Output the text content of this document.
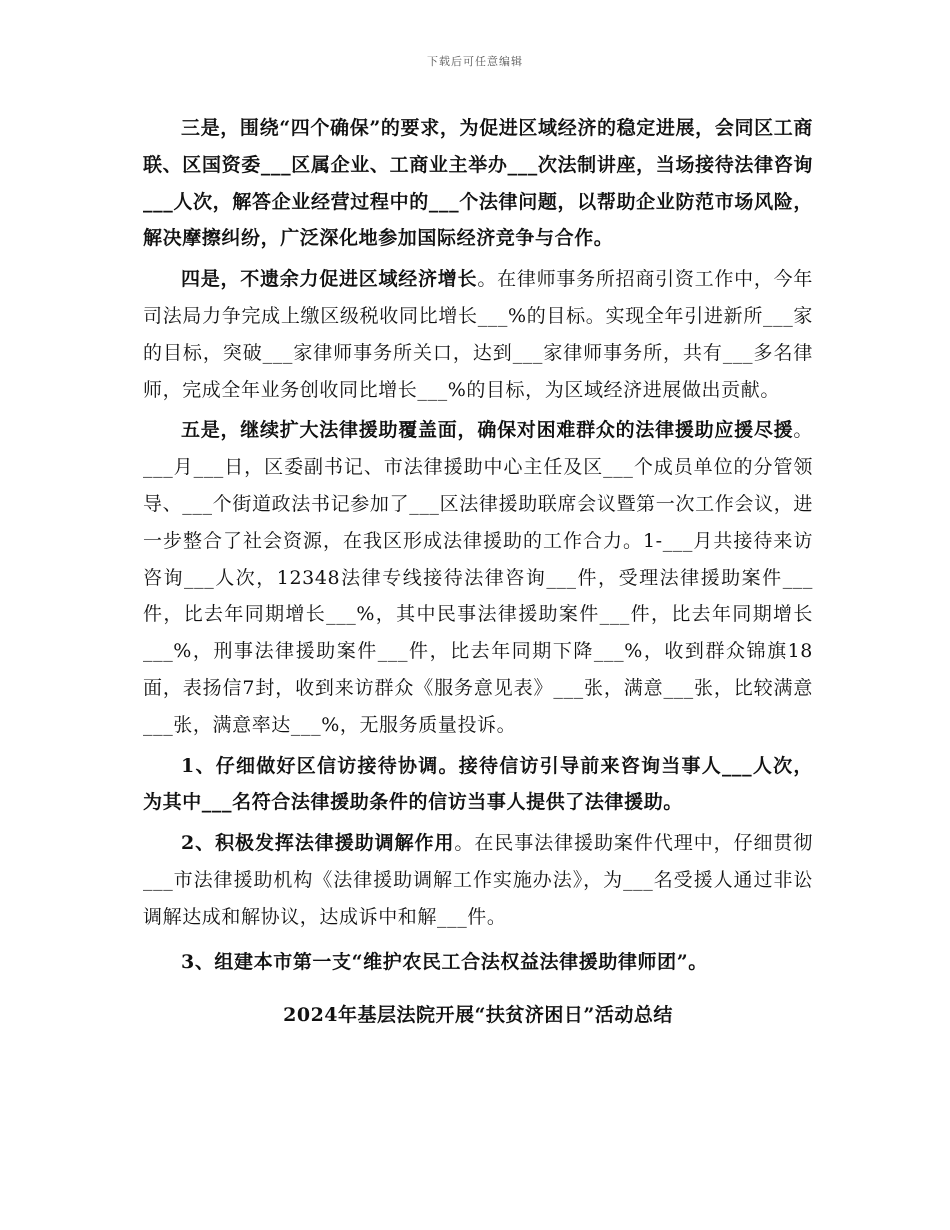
下载后可任意编辑

三是，围绕“四个确保”的要求，为促进区域经济的稳定进展，会同区工商联、区国资委___区属企业、工商业主举办___次法制讲座，当场接待法律咨询___人次，解答企业经营过程中的___个法律问题，以帮助企业防范市场风险，解决摩擦纠纷，广泛深化地参加国际经济竞争与合作。

四是，不遗余力促进区域经济增长。在律师事务所招商引资工作中，今年司法局力争完成上缴区级税收同比增长___%的目标。实现全年引进新所___家的目标，突破___家律师事务所关口，达到___家律师事务所，共有___多名律师，完成全年业务创收同比增长___%的目标，为区域经济进展做出贡献。

五是，继续扩大法律援助覆盖面，确保对困难群众的法律援助应援尽援。___月___日，区委副书记、市法律援助中心主任及区___个成员单位的分管领导、___个街道政法书记参加了___区法律援助联席会议暨第一次工作会议，进一步整合了社会资源，在我区形成法律援助的工作合力。1-___月共接待来访咨询___人次，12348法律专线接待法律咨询___件，受理法律援助案件___件，比去年同期增长___%，其中民事法律援助案件___件，比去年同期增长___%，刑事法律援助案件___件，比去年同期下降___%，收到群众锦旗18面，表扬信7封，收到来访群众《服务意见表》___张，满意___张，比较满意___张，满意率达___%，无服务质量投诉。

1、仔细做好区信访接待协调。接待信访引导前来咨询当事人___人次，为其中___名符合法律援助条件的信访当事人提供了法律援助。

2、积极发挥法律援助调解作用。在民事法律援助案件代理中，仔细贯彻___市法律援助机构《法律援助调解工作实施办法》，为___名受援人通过非讼调解达成和解协议，达成诉中和解___件。

3、组建本市第一支“维护农民工合法权益法律援助律师团”。

2024年基层法院开展“扶贫济困日”活动总结
